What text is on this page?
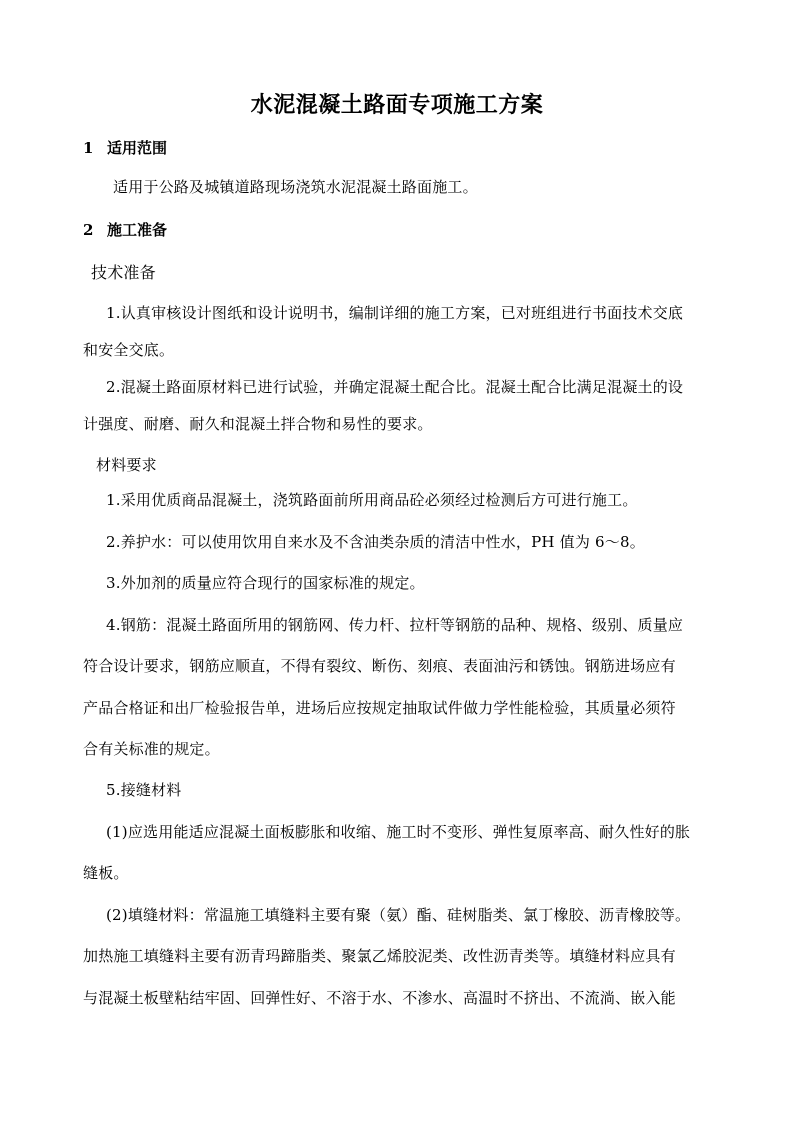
水泥混凝土路面专项施工方案
1 适用范围
适用于公路及城镇道路现场浇筑水泥混凝土路面施工。
2 施工准备
技术准备
1.认真审核设计图纸和设计说明书，编制详细的施工方案，已对班组进行书面技术交底
和安全交底。
2.混凝土路面原材料已进行试验，并确定混凝土配合比。混凝土配合比满足混凝土的设
计强度、耐磨、耐久和混凝土拌合物和易性的要求。
材料要求
1.采用优质商品混凝土，浇筑路面前所用商品砼必须经过检测后方可进行施工。
2.养护水：可以使用饮用自来水及不含油类杂质的清洁中性水，PH 值为 6～8。
3.外加剂的质量应符合现行的国家标准的规定。
4.钢筋：混凝土路面所用的钢筋网、传力杆、拉杆等钢筋的品种、规格、级别、质量应
符合设计要求，钢筋应顺直，不得有裂纹、断伤、刻痕、表面油污和锈蚀。钢筋进场应有
产品合格证和出厂检验报告单，进场后应按规定抽取试件做力学性能检验，其质量必须符
合有关标准的规定。
5.接缝材料
(1)应选用能适应混凝土面板膨胀和收缩、施工时不变形、弹性复原率高、耐久性好的胀
缝板。
(2)填缝材料：常温施工填缝料主要有聚（氨）酯、硅树脂类、氯丁橡胶、沥青橡胶等。
加热施工填缝料主要有沥青玛蹄脂类、聚氯乙烯胶泥类、改性沥青类等。填缝材料应具有
与混凝土板壁粘结牢固、回弹性好、不溶于水、不渗水、高温时不挤出、不流淌、嵌入能
